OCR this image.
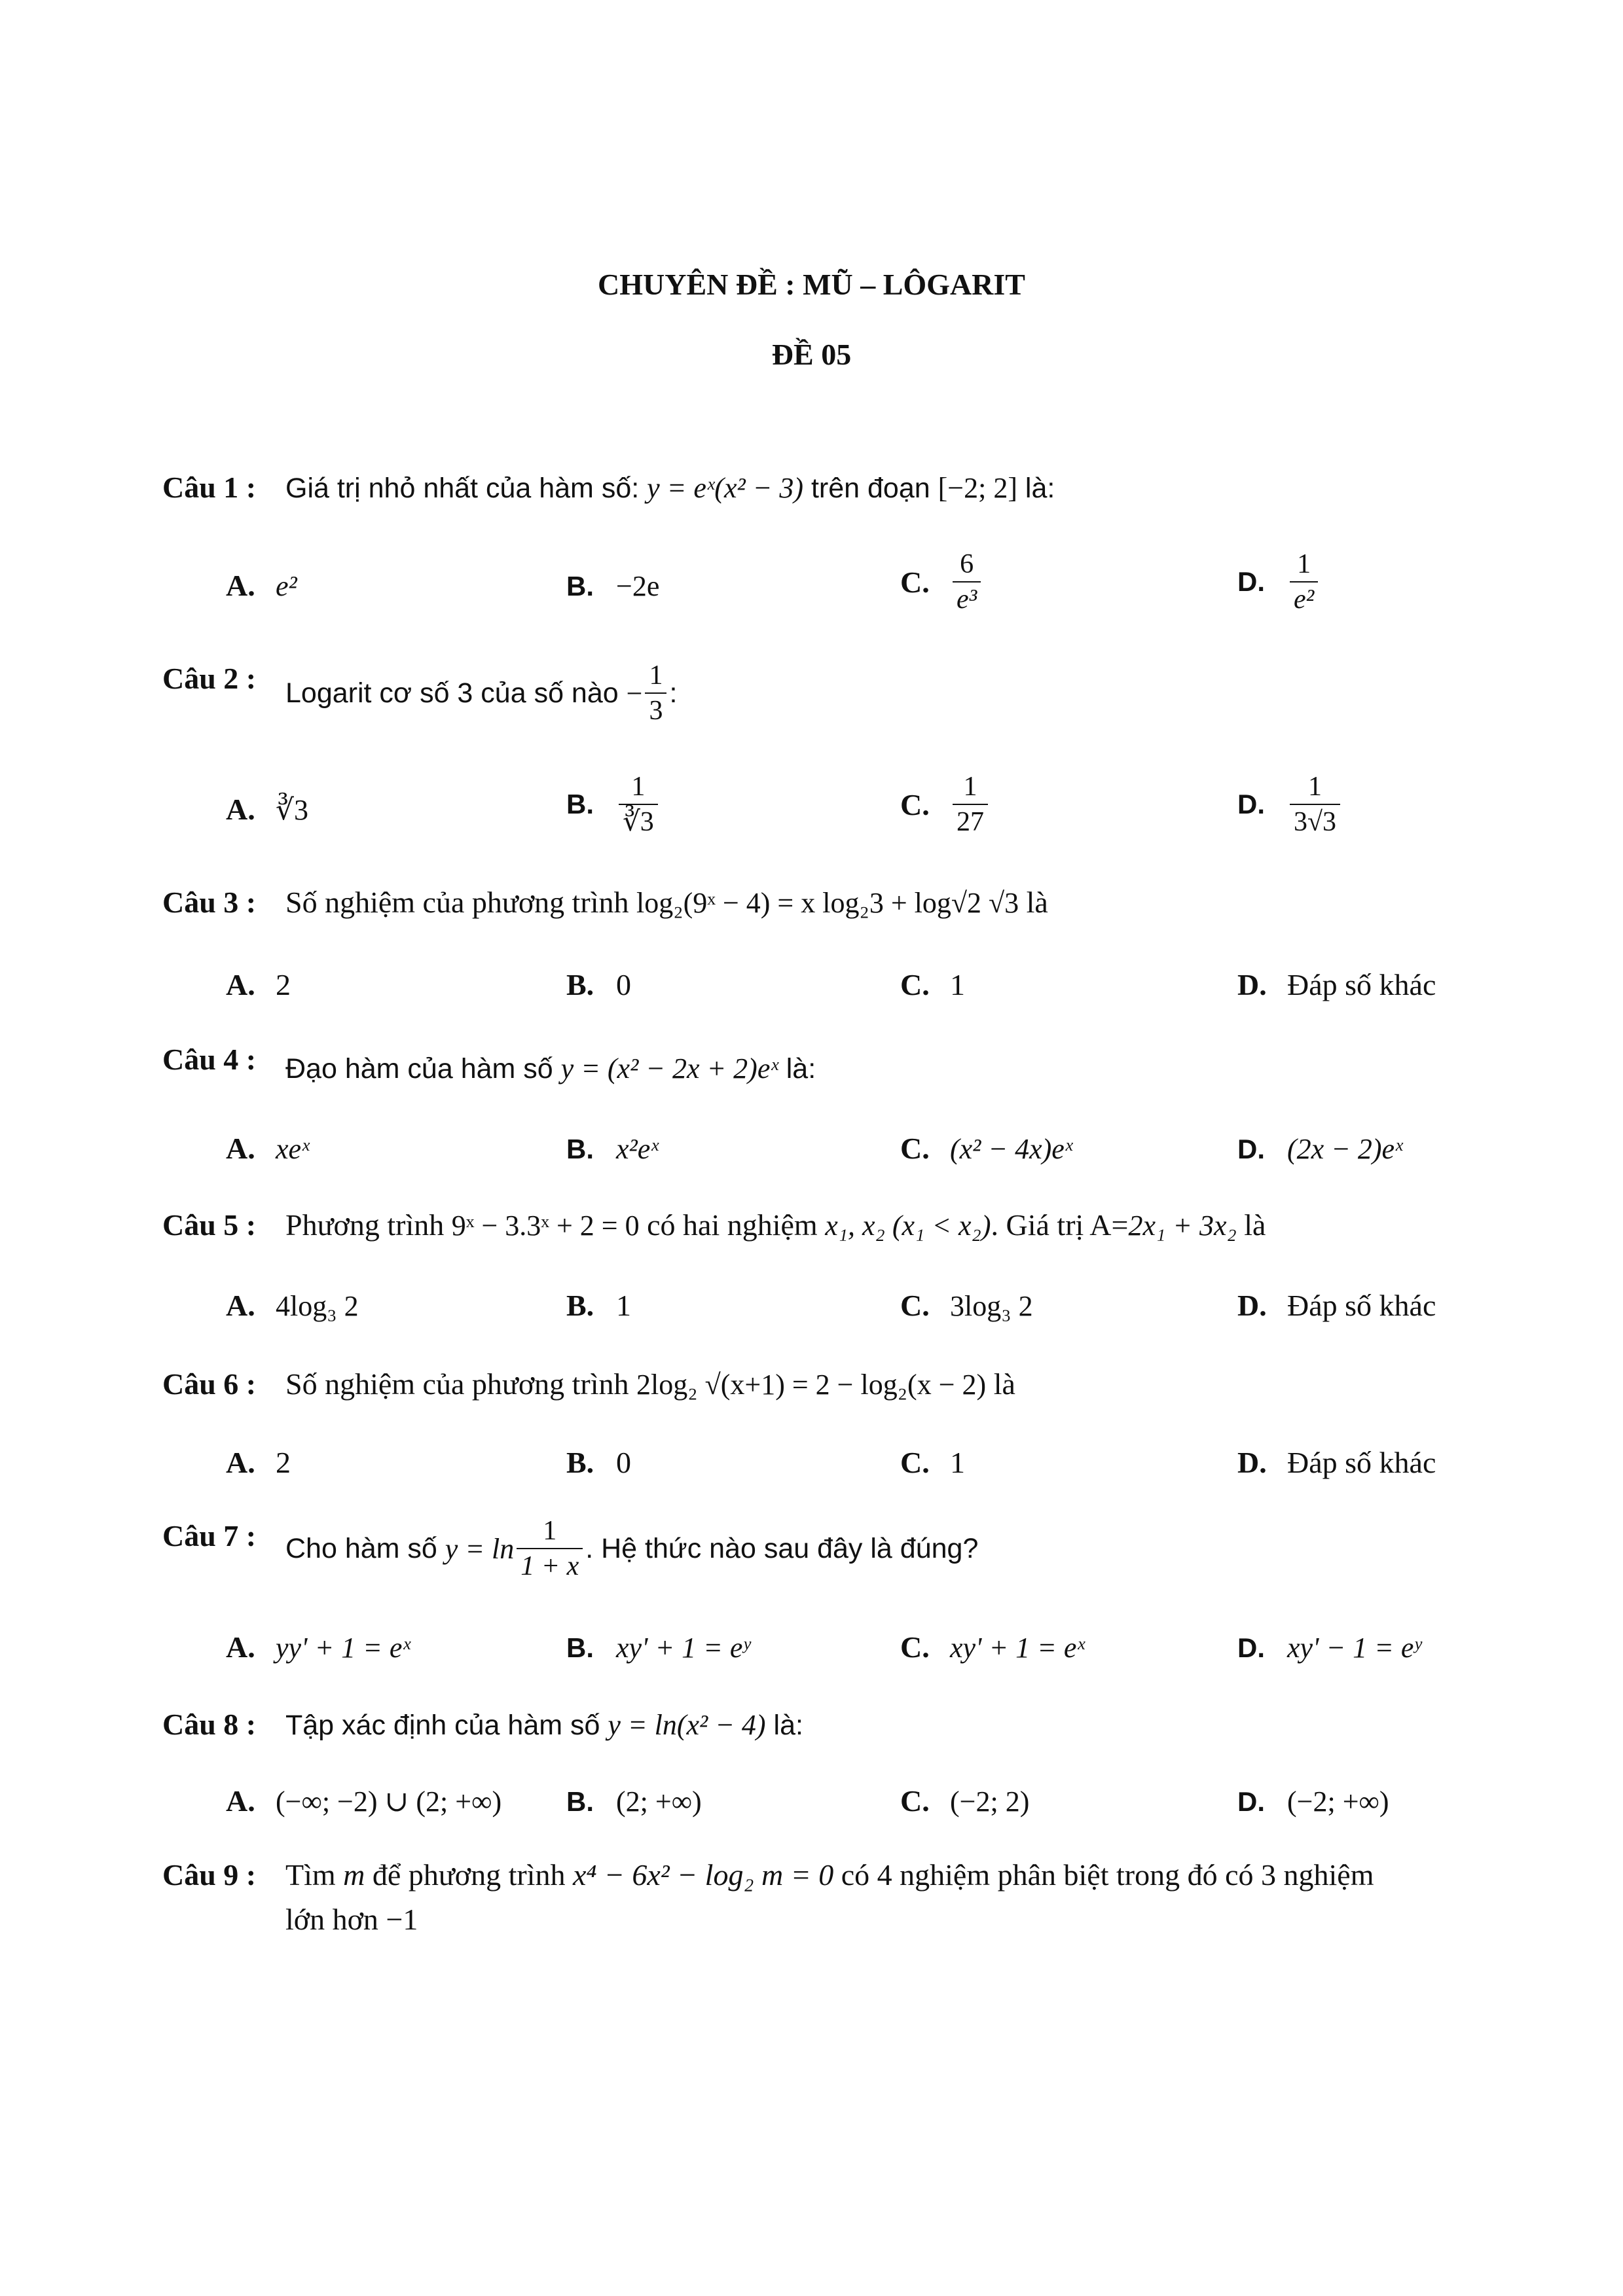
CHUYÊN ĐỀ : MŨ – LÔGARIT
ĐỀ 05
Câu 1 : Giá trị nhỏ nhất của hàm số: y = eˣ(x² − 3) trên đoạn [−2; 2] là:
A. e²	B. −2e	C. $\frac{6}{\text{e³}}$	D. $\frac{1}{\text{e²}}$
Câu 2 : Logarit cơ số 3 của số nào − $\frac{1}{3}$ :
A. ∛3	B. $\frac{1}{∛3}$	C. $\frac{1}{27}$	D. $\frac{1}{3√3}$
Câu 3 : Số nghiệm của phương trình log₂(9ˣ − 4) = x log₂3 + log√2 √3 là
A. 2	B. 0	C. 1	D. Đáp số khác
Câu 4 : Đạo hàm của hàm số y = (x² − 2x + 2)eˣ là:
A. xeˣ	B. x²eˣ	C. (x² − 4x)eˣ	D. (2x − 2)eˣ
Câu 5 : Phương trình 9ˣ − 3.3ˣ + 2 = 0 có hai nghiệm x₁, x₂ (x₁ < x₂). Giá trị A=2x₁ + 3x₂ là
A. 4log₃ 2	B. 1	C. 3log₃ 2	D. Đáp số khác
Câu 6 : Số nghiệm của phương trình 2log₂ √(x+1) = 2 − log₂(x − 2) là
A. 2	B. 0	C. 1	D. Đáp số khác
Câu 7 : Cho hàm số $y = \ln \frac{1}{1 + x}$ . Hệ thức nào sau đây là đúng?
A. yy' + 1 = eˣ	B. xy' + 1 = eʸ	C. xy' + 1 = eˣ	D. xy' − 1 = eʸ
Câu 8 : Tập xác định của hàm số y = ln(x² − 4) là:
A. (−∞; −2) ∪ (2; +∞) B. (2; +∞)	C. (−2; 2)	D. (−2; +∞)
Câu 9 : Tìm m để phương trình x⁴ − 6x² − log₂ m = 0 có 4 nghiệm phân biệt trong đó có 3 nghiệm
lớn hơn −1
